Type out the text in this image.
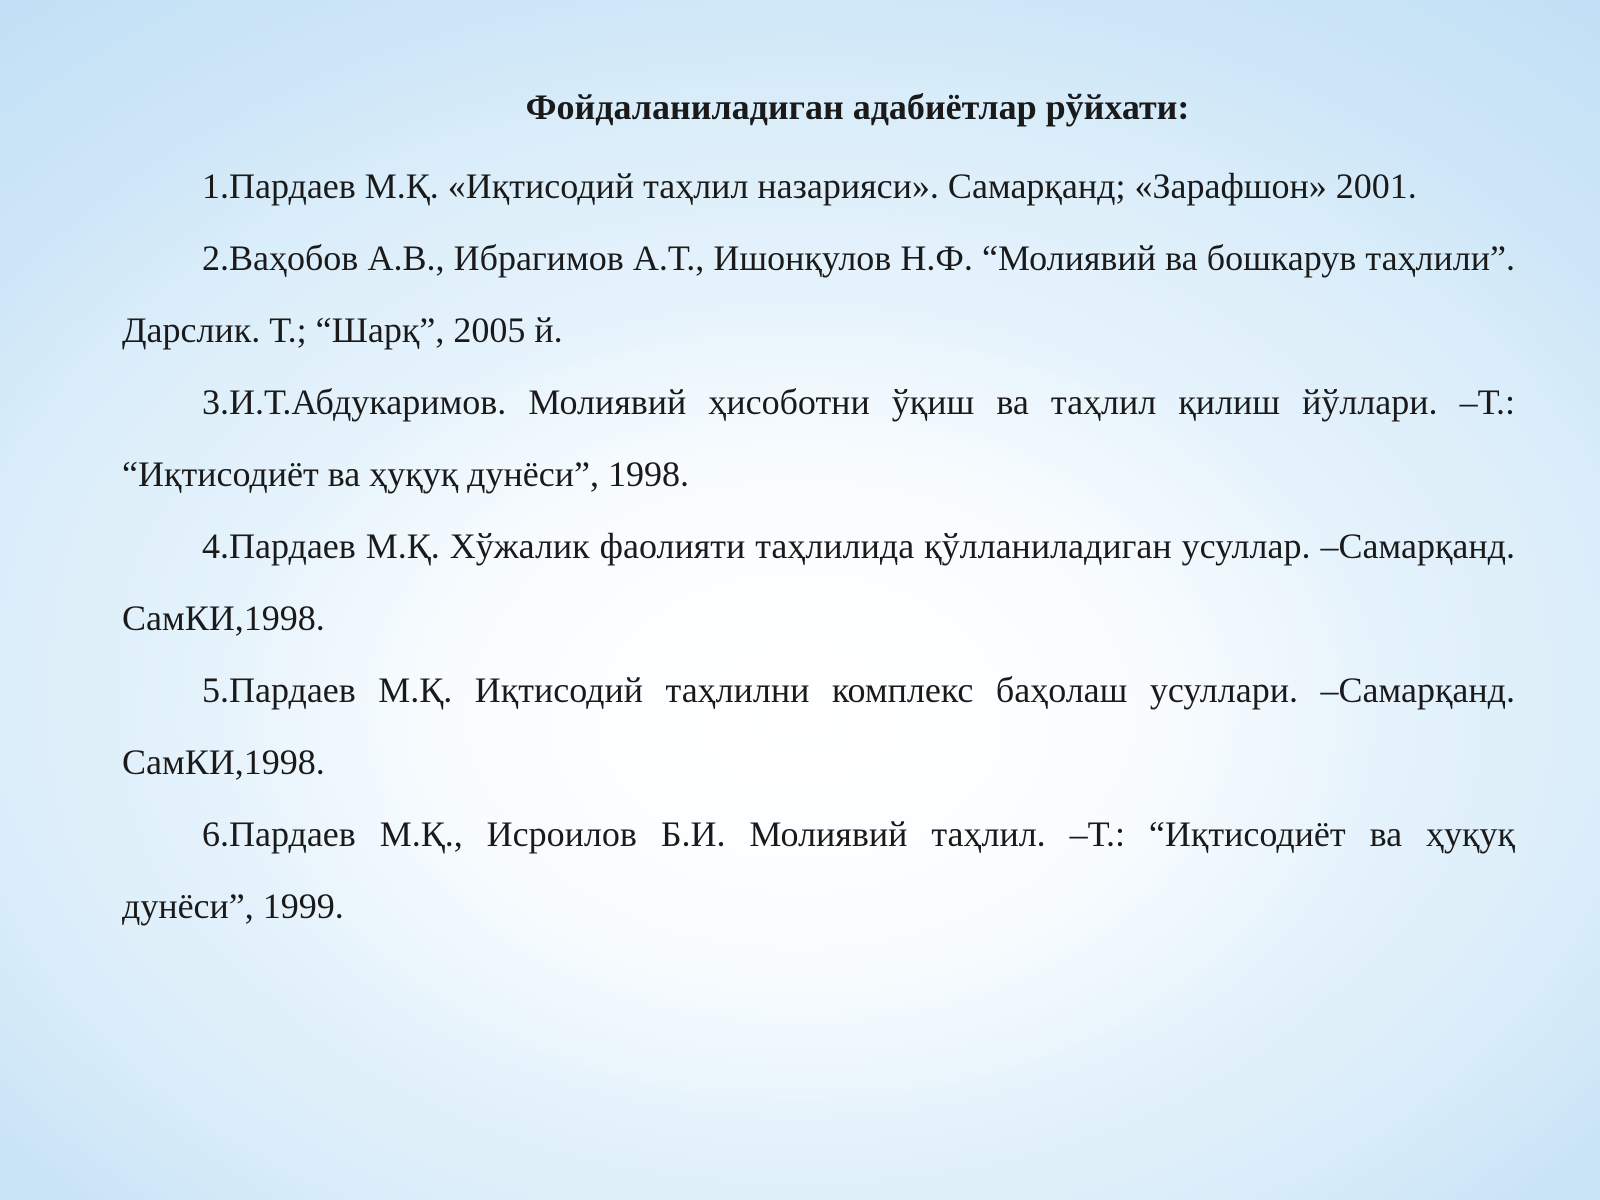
Фойдаланиладиган адабиётлар рўйхати:

1.Пардаев М.Қ. «Иқтисодий таҳлил назарияси». Самарқанд; «Зарафшон» 2001.

2.Ваҳобов А.В., Ибрагимов А.Т., Ишонқулов Н.Ф. “Молиявий ва бошкарув таҳлили”. Дарслик. Т.; “Шарқ”, 2005 й.

3.И.Т.Абдукаримов. Молиявий ҳисоботни ўқиш ва таҳлил қилиш йўллари. –Т.: “Иқтисодиёт ва ҳуқуқ дунёси”, 1998.

4.Пардаев М.Қ. Хўжалик фаолияти таҳлилида қўлланиладиган усуллар. –Самарқанд. СамКИ,1998.

5.Пардаев М.Қ. Иқтисодий таҳлилни комплекс баҳолаш усуллари. –Самарқанд. СамКИ,1998.

6.Пардаев М.Қ., Исроилов Б.И. Молиявий таҳлил. –Т.: “Иқтисодиёт ва ҳуқуқ дунёси”, 1999.
